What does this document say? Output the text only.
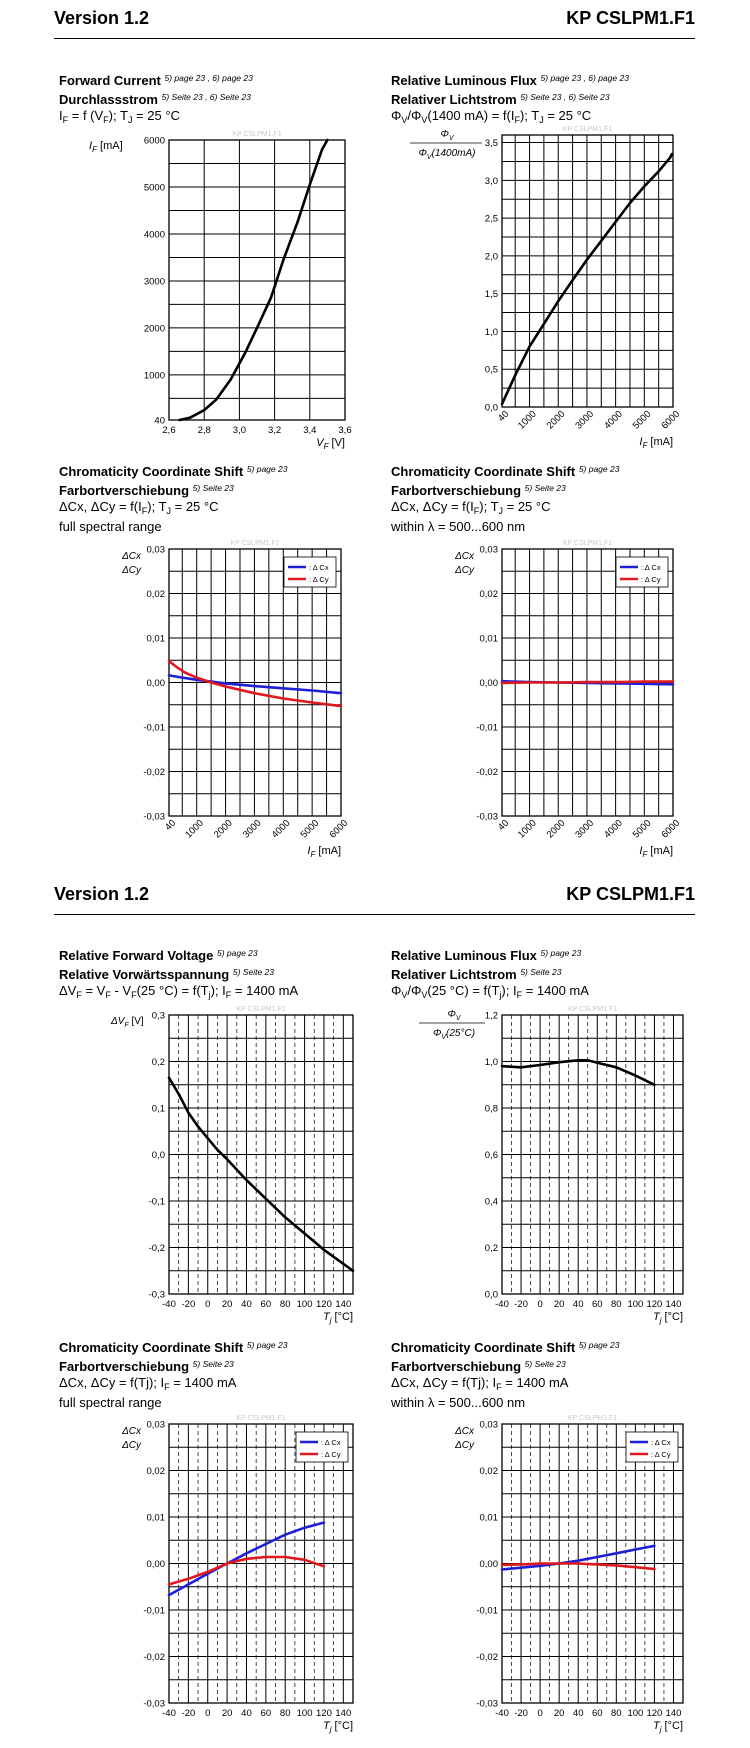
Version 1.2	KP CSLPM1.F1
Version 1.2	KP CSLPM1.F1
Forward Current $^{5) page 23 , 6) page 23}$
Durchlassstrom $^{5) Seite 23 , 6) Seite 23}$
$I_F = f$ $(V_F)$; $T_J = 25$ °C
Relative Luminous Flux $^{5) page 23 , 6) page 23}$
Relativer Lichtstrom $^{5) Seite 23 , 6) Seite 23}$
$\Phi_V/\Phi_V(1400$ $mA) = f(I_F)$; $T_J = 25$ °C
Chromaticity Coordinate Shift $^{5) page 23}$
Farbortverschiebung $^{5) Seite 23}$
ΔCx, $\Delta Cy = f(I_F)$; $T_J = 25$ °C
full spectral range
Chromaticity Coordinate Shift $^{5) page 23}$
Farbortverschiebung $^{5) Seite 23}$
ΔCx, $\Delta Cy = f(I_F)$; $T_J = 25$ °C
within λ = 500...600 nm
Relative Forward Voltage $^{5) page 23}$
Relative Vorwärtsspannung $^{5) Seite 23}$
$\Delta V_F = V_F - V_F(25$ $^\circ C) = f(T_j)$; $I_F = 1400$ mA
Relative Luminous Flux $^{5) page 23}$
Relativer Lichtstrom $^{5) Seite 23}$
$\Phi_V/\Phi_V(25$ $^\circ C) = f(T_j)$; $I_F = 1400$ mA
Chromaticity Coordinate Shift $^{5) page 23}$
Farbortverschiebung $^{5) Seite 23}$
ΔCx, ΔCy = f(Tj); $I_F = 1400$ mA
full spectral range
Chromaticity Coordinate Shift $^{5) page 23}$
Farbortverschiebung $^{5) Seite 23}$
ΔCx, ΔCy = f(Tj); $I_F = 1400$ mA
within λ = 500...600 nm
KP CSLPM1.F1
40
1000
2000
3000
4000
5000
6000
2,6 2,8 3,0 3,2 3,4 3,6
$V_F$ [V]
$I_F$ [mA]
KP CSLPM1.F1
0,0
0,5
1,0
1,5
2,0
2,5
3,0
3,5
40 1000 2000 3000 4000 5000 6000
$I_F$ [mA]
$\Phi_V$
$\Phi_V(1400mA)$
KP CSLPM1.F1
-0,03
-0,02
-0,01
0,00
0,01
0,02
0,03
40 1000 2000 3000 4000 5000 6000
$I_F$ [mA]
ΔCx
ΔCy	: Δ Cx
: Δ Cy
KP CSLPM1.F1
-0,03
-0,02
-0,01
0,00
0,01
0,02
0,03
40 1000 2000 3000 4000 5000 6000
$I_F$ [mA]
ΔCx
ΔCy	: Δ Cx
: Δ Cy
KP CSLPM1.F1
-0,3
-0,2
-0,1
0,0
0,1
0,2
0,3
-40 -20 0 20 40 60 80 100 120 140
$T_j$ [°C]
$\Delta V_F$ [V]
KP CSLPM1.F1
0,0
0,2
0,4
0,6
0,8
1,0
1,2
-40 -20 0 20 40 60 80 100 120 140
$T_j$ [°C]
$\Phi_V$
$\Phi_V(25^\circ C)$
KP CSLPM1.F1
-0,03
-0,02
-0,01
0,00
0,01
0,02
0,03
-40 -20 0 20 40 60 80 100 120 140
$T_j$ [°C]
ΔCx
ΔCy	: Δ Cx
: Δ Cy
KP CSLPM1.F1
-0,03
-0,02
-0,01
0,00
0,01
0,02
0,03
-40 -20 0 20 40 60 80 100 120 140
$T_j$ [°C]
ΔCx
ΔCy	: Δ Cx
: Δ Cy
